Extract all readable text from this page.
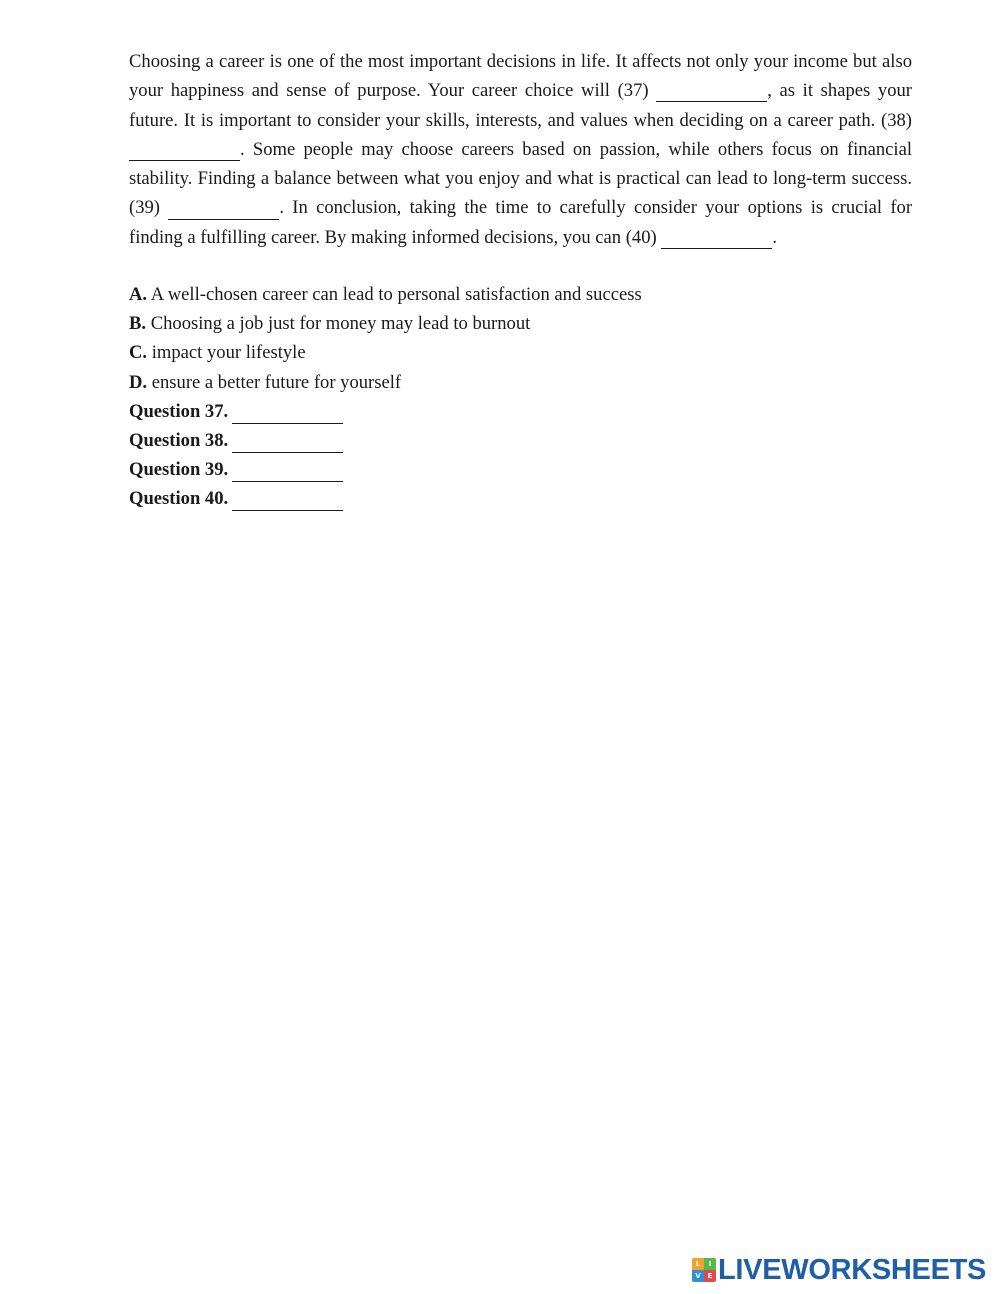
Choosing a career is one of the most important decisions in life. It affects not only your income but also your happiness and sense of purpose. Your career choice will (37)	, as it shapes your future. It is important to consider your skills, interests, and values when deciding on a career path. (38) . Some people may choose careers based on passion, while others focus on financial stability. Finding a balance between what you enjoy and what is practical can lead to long-term success. (39)	. In conclusion, taking the time to carefully consider your options is crucial for finding a fulfilling career. By making informed decisions, you can (40)	.

A. A well-chosen career can lead to personal satisfaction and success
B. Choosing a job just for money may lead to burnout
C. impact your lifestyle
D. ensure a better future for yourself
Question 37.
Question 38.
Question 39.
Question 40.
L	I
V E LIVEWORKSHEETS
